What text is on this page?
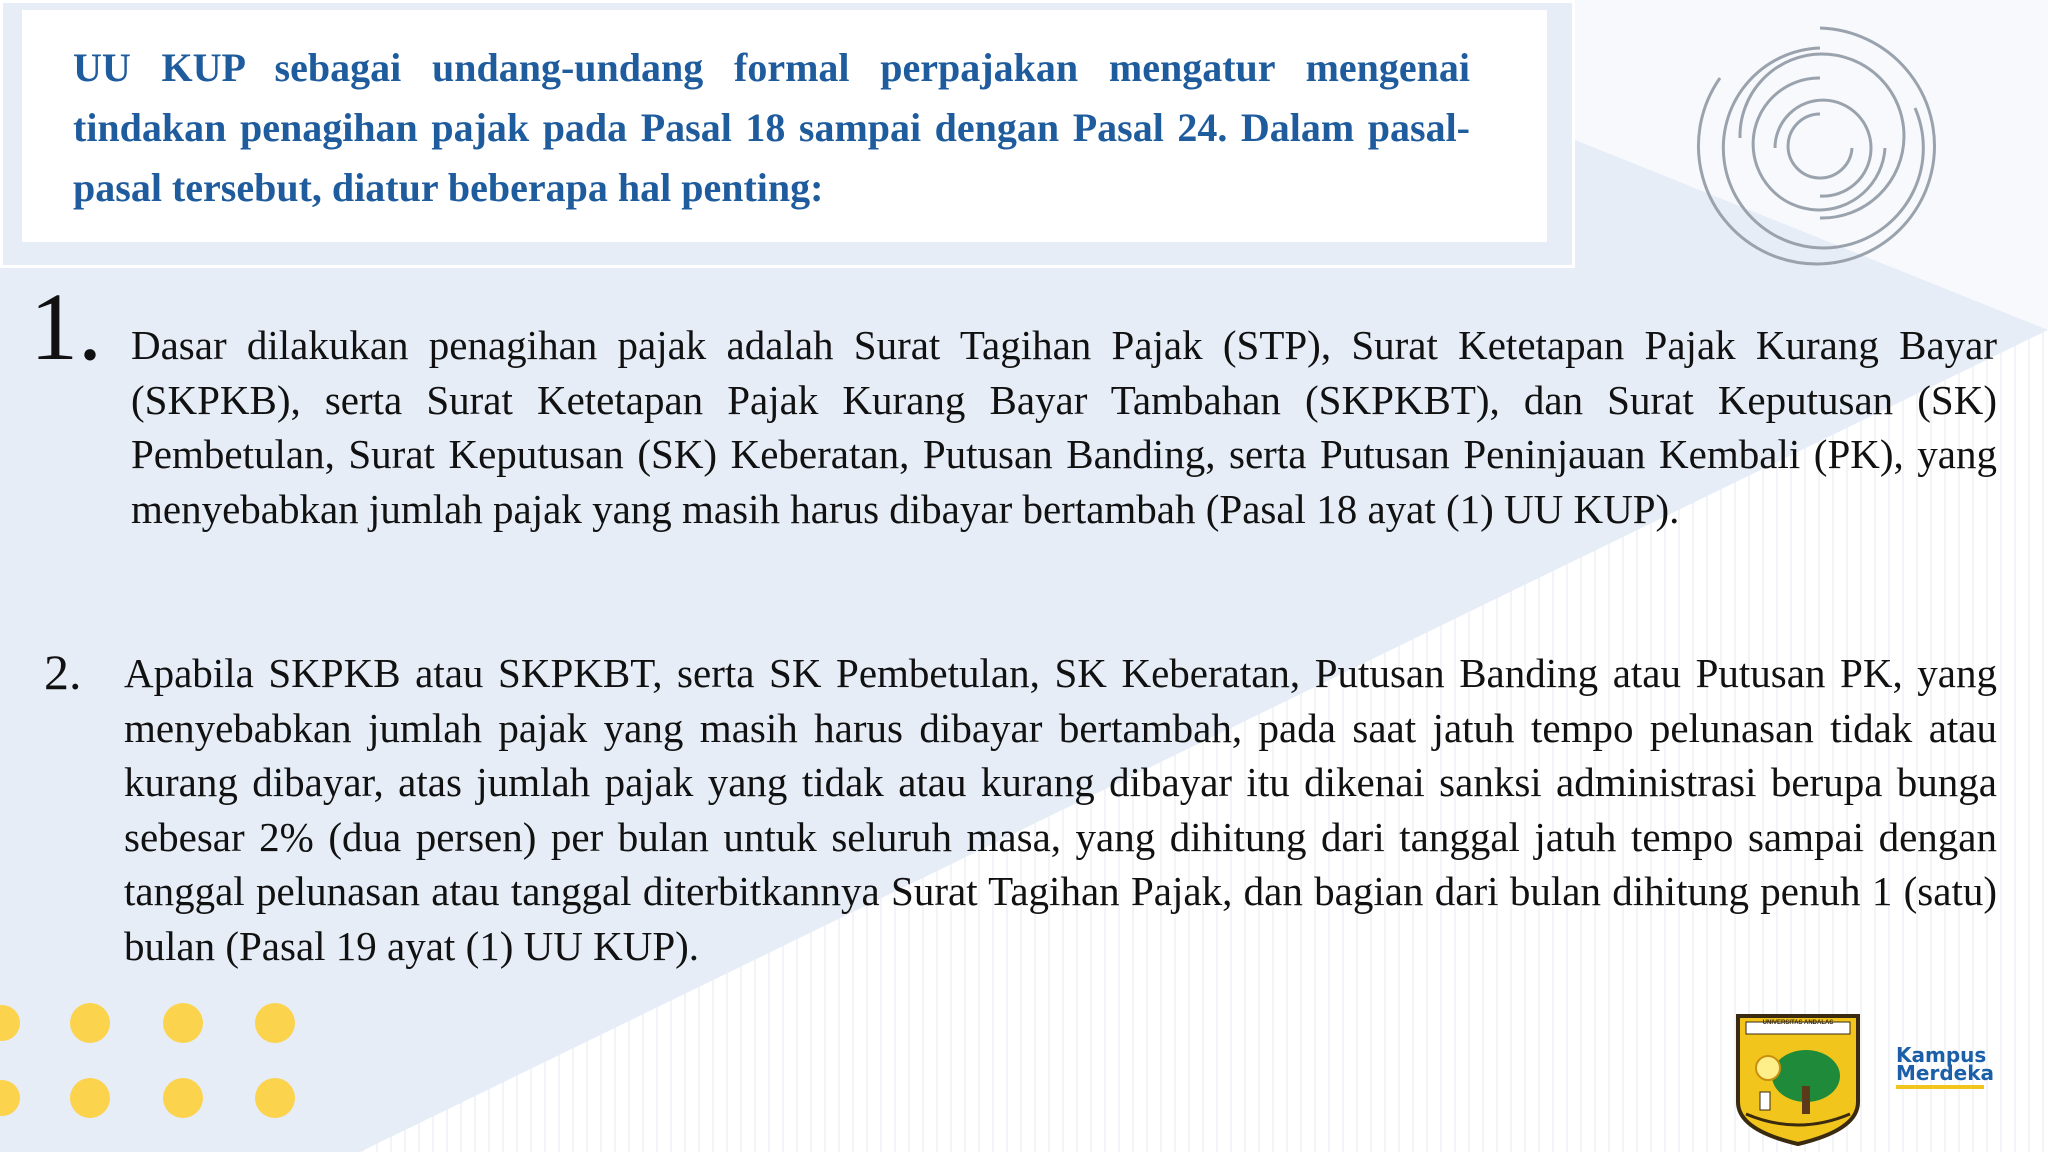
UU KUP sebagai undang-undang formal perpajakan mengatur mengenai tindakan penagihan pajak pada Pasal 18 sampai dengan Pasal 24. Dalam pasal-pasal tersebut, diatur beberapa hal penting:

1. Dasar dilakukan penagihan pajak adalah Surat Tagihan Pajak (STP), Surat Ketetapan Pajak Kurang Bayar (SKPKB), serta Surat Ketetapan Pajak Kurang Bayar Tambahan (SKPKBT), dan Surat Keputusan (SK) Pembetulan, Surat Keputusan (SK) Keberatan, Putusan Banding, serta Putusan Peninjauan Kembali (PK), yang menyebabkan jumlah pajak yang masih harus dibayar bertambah (Pasal 18 ayat (1) UU KUP).

2. Apabila SKPKB atau SKPKBT, serta SK Pembetulan, SK Keberatan, Putusan Banding atau Putusan PK, yang menyebabkan jumlah pajak yang masih harus dibayar bertambah, pada saat jatuh tempo pelunasan tidak atau kurang dibayar, atas jumlah pajak yang tidak atau kurang dibayar itu dikenai sanksi administrasi berupa bunga sebesar 2% (dua persen) per bulan untuk seluruh masa, yang dihitung dari tanggal jatuh tempo sampai dengan tanggal pelunasan atau tanggal diterbitkannya Surat Tagihan Pajak, dan bagian dari bulan dihitung penuh 1 (satu) bulan (Pasal 19 ayat (1) UU KUP).

UNIVERSITAS ANDALAS
Kampus
Merdeka
